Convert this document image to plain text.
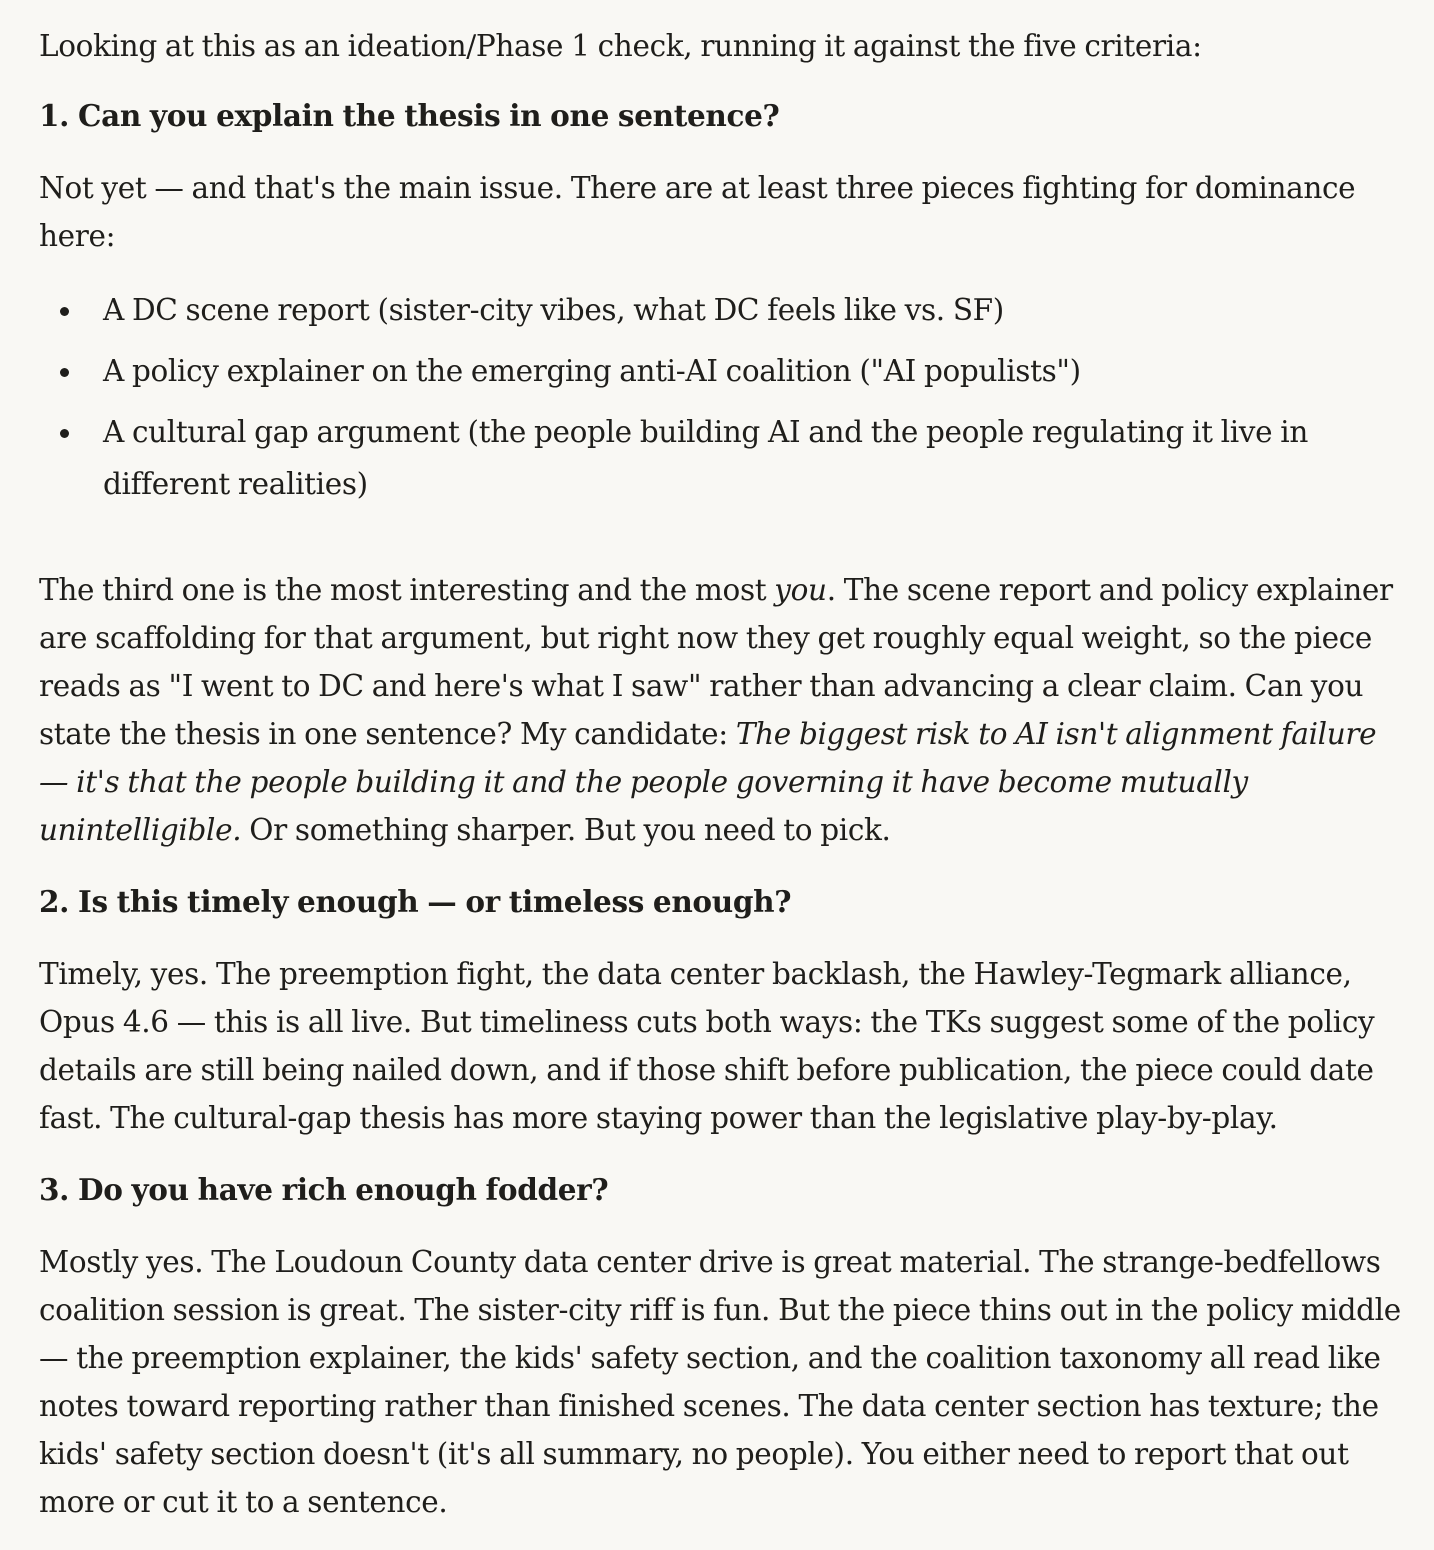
Looking at this as an ideation/Phase 1 check, running it against the five criteria:

1. Can you explain the thesis in one sentence?

Not yet — and that's the main issue. There are at least three pieces fighting for dominance here:

A DC scene report (sister-city vibes, what DC feels like vs. SF)
A policy explainer on the emerging anti-AI coalition ("AI populists")
A cultural gap argument (the people building AI and the people regulating it live in different realities)

The third one is the most interesting and the most you. The scene report and policy explainer are scaffolding for that argument, but right now they get roughly equal weight, so the piece reads as "I went to DC and here's what I saw" rather than advancing a clear claim. Can you state the thesis in one sentence? My candidate: The biggest risk to AI isn't alignment failure — it's that the people building it and the people governing it have become mutually unintelligible. Or something sharper. But you need to pick.

2. Is this timely enough — or timeless enough?

Timely, yes. The preemption fight, the data center backlash, the Hawley-Tegmark alliance, Opus 4.6 — this is all live. But timeliness cuts both ways: the TKs suggest some of the policy details are still being nailed down, and if those shift before publication, the piece could date fast. The cultural-gap thesis has more staying power than the legislative play-by-play.

3. Do you have rich enough fodder?

Mostly yes. The Loudoun County data center drive is great material. The strange-bedfellows coalition session is great. The sister-city riff is fun. But the piece thins out in the policy middle — the preemption explainer, the kids' safety section, and the coalition taxonomy all read like notes toward reporting rather than finished scenes. The data center section has texture; the kids' safety section doesn't (it's all summary, no people). You either need to report that out more or cut it to a sentence.
